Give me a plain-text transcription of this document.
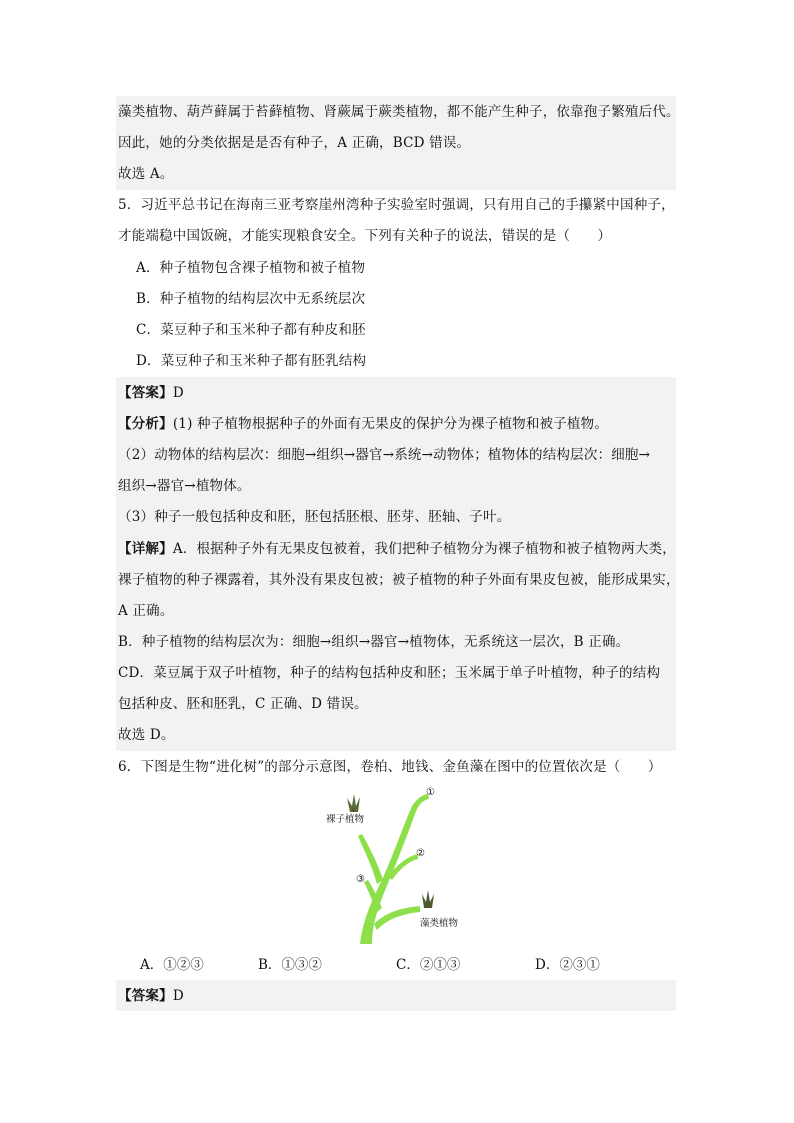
藻类植物、葫芦藓属于苔藓植物、肾蕨属于蕨类植物，都不能产生种子，依靠孢子繁殖后代。
因此，她的分类依据是是否有种子，A 正确，BCD 错误。
故选 A。
5．习近平总书记在海南三亚考察崖州湾种子实验室时强调，只有用自己的手攥紧中国种子，
才能端稳中国饭碗，才能实现粮食安全。下列有关种子的说法，错误的是（　　）
A．种子植物包含裸子植物和被子植物
B．种子植物的结构层次中无系统层次
C．菜豆种子和玉米种子都有种皮和胚
D．菜豆种子和玉米种子都有胚乳结构
【答案】D
【分析】(1) 种子植物根据种子的外面有无果皮的保护分为裸子植物和被子植物。
（2）动物体的结构层次：细胞→组织→器官→系统→动物体；植物体的结构层次：细胞→
组织→器官→植物体。
（3）种子一般包括种皮和胚，胚包括胚根、胚芽、胚轴、子叶。
【详解】A．根据种子外有无果皮包被着，我们把种子植物分为裸子植物和被子植物两大类，
裸子植物的种子裸露着，其外没有果皮包被；被子植物的种子外面有果皮包被，能形成果实，
A 正确。
B．种子植物的结构层次为：细胞→组织→器官→植物体，无系统这一层次，B 正确。
CD．菜豆属于双子叶植物，种子的结构包括种皮和胚；玉米属于单子叶植物，种子的结构
包括种皮、胚和胚乳，C 正确、D 错误。
故选 D。
6．下图是生物“进化树”的部分示意图，卷柏、地钱、金鱼藻在图中的位置依次是（　　）
裸子植物
藻类植物
①
②
③
A．①②③	B．①③②	C．②①③	D．②③①
【答案】D
